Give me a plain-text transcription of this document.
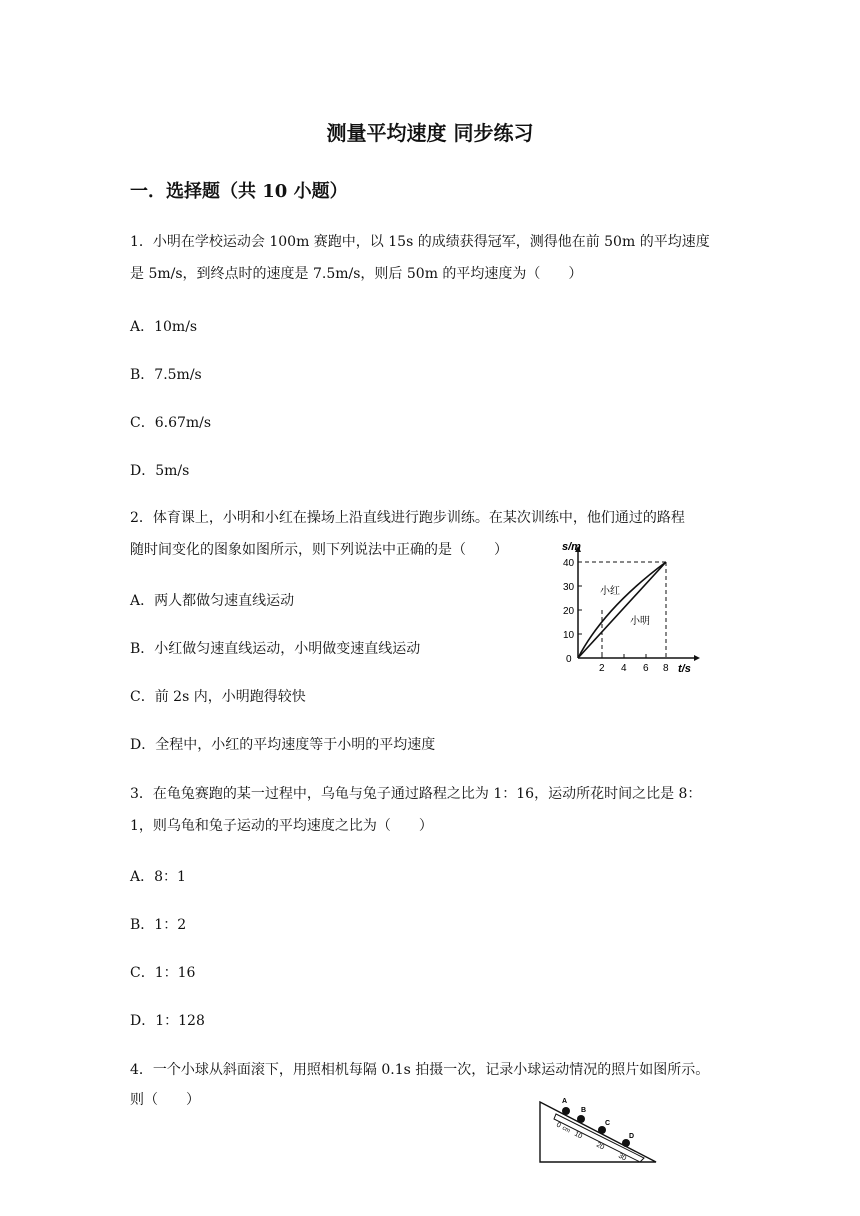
测量平均速度 同步练习
一．选择题（共 10 小题）
1．小明在学校运动会 100m 赛跑中，以 15s 的成绩获得冠军，测得他在前 50m 的平均速度
是 5m/s，到终点时的速度是 7.5m/s，则后 50m 的平均速度为（　　）
A．10m/s
B．7.5m/s
C．6.67m/s
D．5m/s
2．体育课上，小明和小红在操场上沿直线进行跑步训练。在某次训练中，他们通过的路程
随时间变化的图象如图所示，则下列说法中正确的是（　　）
A．两人都做匀速直线运动
B．小红做匀速直线运动，小明做变速直线运动
C．前 2s 内，小明跑得较快
D．全程中，小红的平均速度等于小明的平均速度
s/m
t/s
0
10
20
30
40
2 4 6 8
小红
小明
3．在龟兔赛跑的某一过程中，乌龟与兔子通过路程之比为 1：16，运动所花时间之比是 8：
1，则乌龟和兔子运动的平均速度之比为（　　）
A．8：1
B．1：2
C．1：16
D．1：128
4．一个小球从斜面滚下，用照相机每隔 0.1s 拍摄一次，记录小球运动情况的照片如图所示。
则（　　）	A
B
C
D
0 cm
10
20
30
